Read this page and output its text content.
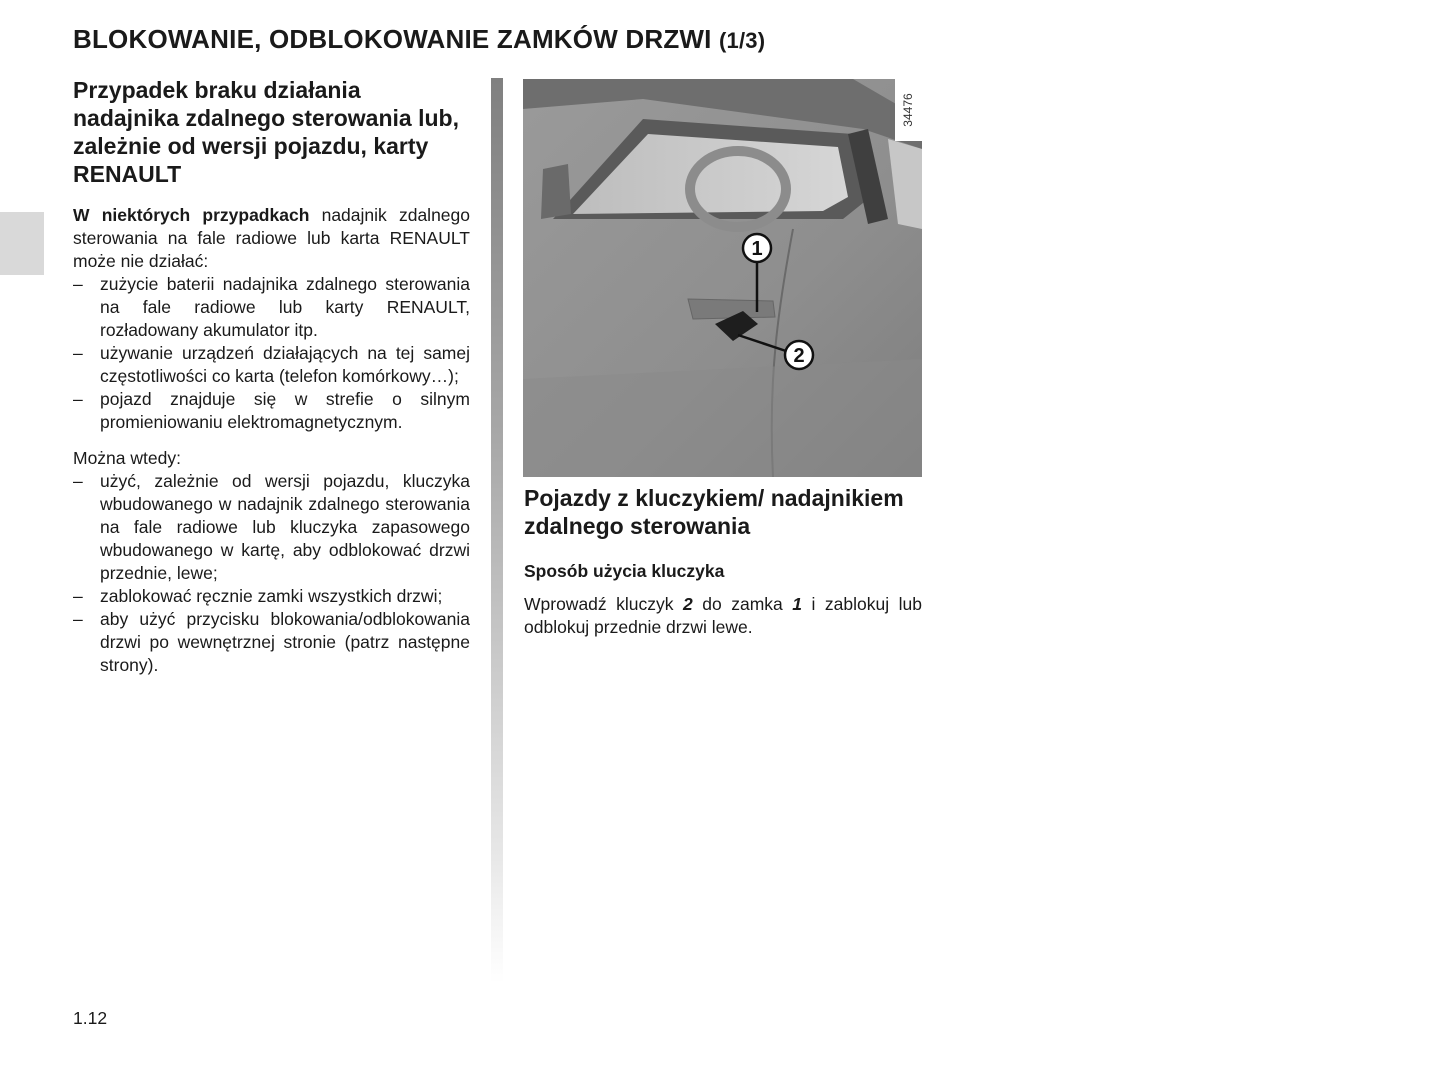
BLOKOWANIE, ODBLOKOWANIE ZAMKÓW DRZWI (1/3)
Przypadek braku działania nadajnika zdalnego sterowania lub, zależnie od wersji pojazdu, karty RENAULT

W niektórych przypadkach nadajnik zdalnego sterowania na fale radiowe lub karta RENAULT może nie działać:

– zużycie baterii nadajnika zdalnego sterowania na fale radiowe lub karty RENAULT, rozładowany akumulator itp.
– używanie urządzeń działających na tej samej częstotliwości co karta (telefon komórkowy…);
– pojazd znajduje się w strefie o silnym promieniowaniu elektromagnetycznym.

Można wtedy:

– użyć, zależnie od wersji pojazdu, kluczyka wbudowanego w nadajnik zdalnego sterowania na fale radiowe lub kluczyka zapasowego wbudowanego w kartę, aby odblokować drzwi przednie, lewe;
– zablokować ręcznie zamki wszystkich drzwi;
– aby użyć przycisku blokowania/odblokowania drzwi po wewnętrznej stronie (patrz następne strony).
34476
1
2
Pojazdy z kluczykiem/ nadajnikiem zdalnego sterowania
Sposób użycia kluczyka

Wprowadź kluczyk 2 do zamka 1 i zablokuj lub odblokuj przednie drzwi lewe.

1.12
